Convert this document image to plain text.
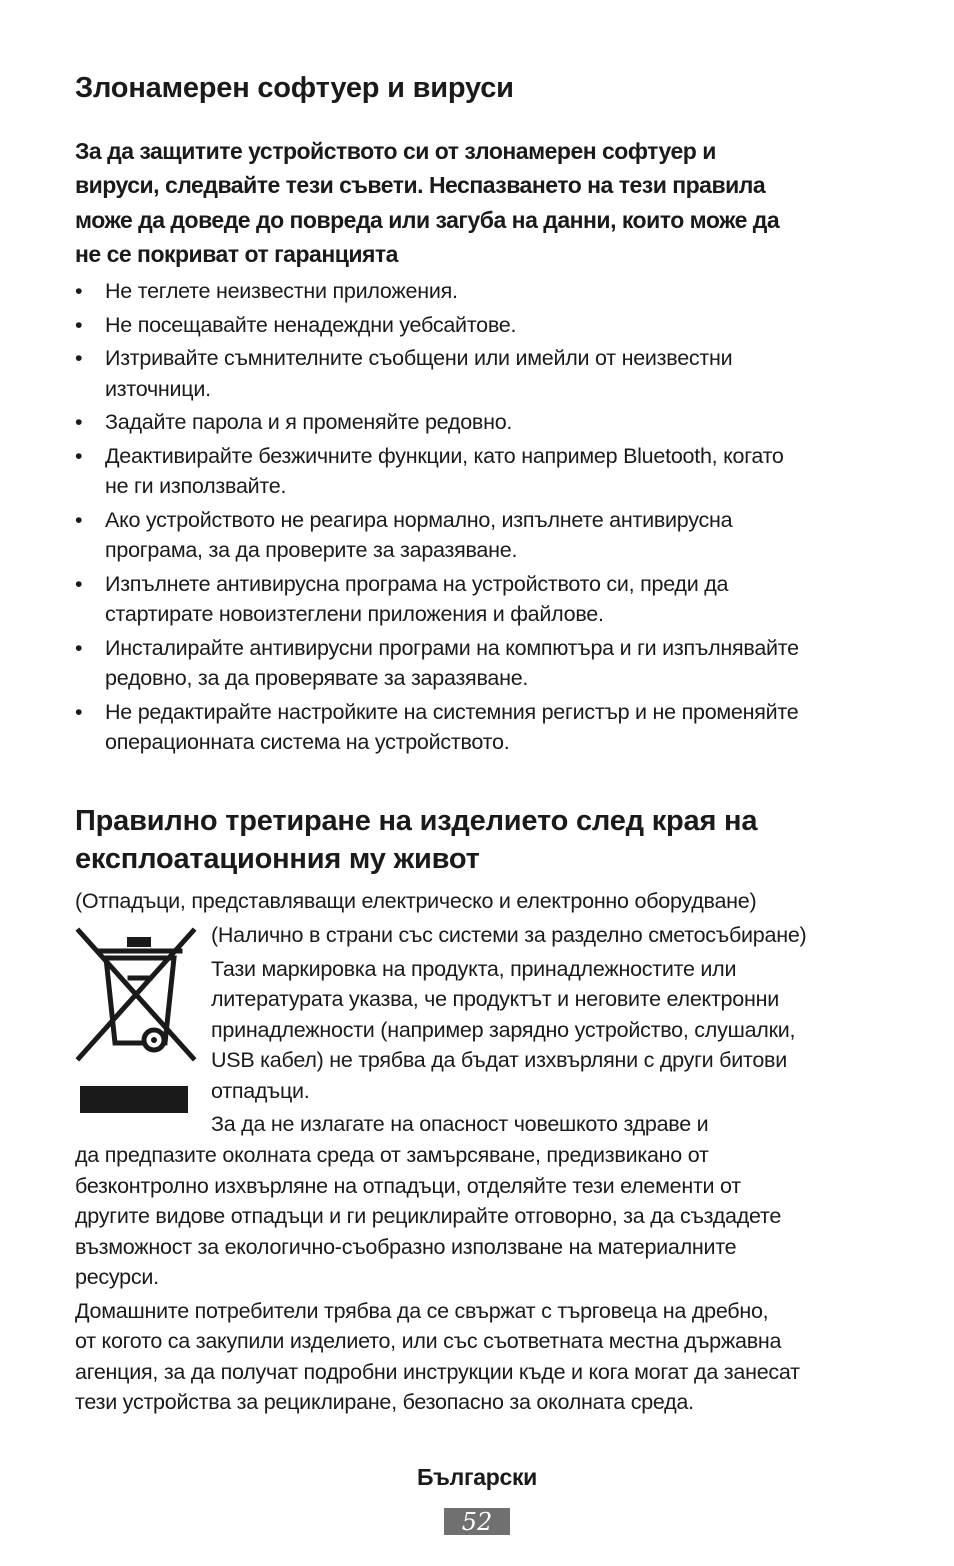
Злонамерен софтуер и вируси
За да защитите устройството си от злонамерен софтуер и
вируси, следвайте тези съвети. Неспазването на тези правила
може да доведе до повреда или загуба на данни, които може да
не се покриват от гаранцията
• Не теглете неизвестни приложения.
• Не посещавайте ненадеждни уебсайтове.
• Изтривайте съмнителните съобщени или имейли от неизвестни
източници.
• Задайте парола и я променяйте редовно.
• Деактивирайте безжичните функции, като например Bluetooth, когато
не ги използвайте.
• Ако устройството не реагира нормално, изпълнете антивирусна
програма, за да проверите за заразяване.
• Изпълнете антивирусна програма на устройството си, преди да
стартирате новоизтеглени приложения и файлове.
• Инсталирайте антивирусни програми на компютъра и ги изпълнявайте
редовно, за да проверявате за заразяване.
• Не редактирайте настройките на системния регистър и не променяйте
операционната система на устройството.
Правилно третиране на изделието след края на
експлоатационния му живот
(Отпадъци, представляващи електрическо и електронно оборудване)

(Налично в страни със системи за разделно сметосъбиране)

Тази маркировка на продукта, принадлежностите или
литературата указва, че продуктът и неговите електронни
принадлежности (например зарядно устройство, слушалки,
USB кабел) не трябва да бъдат изхвърляни с други битови
отпадъци.

За да не излагате на опасност човешкото здраве и

да предпазите околната среда от замърсяване, предизвикано от
безконтролно изхвърляне на отпадъци, отделяйте тези елементи от
другите видове отпадъци и ги рециклирайте отговорно, за да създадете
възможност за екологично-съобразно използване на материалните
ресурси.

Домашните потребители трябва да се свържат с търговеца на дребно,
от когото са закупили изделието, или със съответната местна държавна
агенция, за да получат подробни инструкции къде и кога могат да занесат
тези устройства за рециклиране, безопасно за околната среда.

Български
52
